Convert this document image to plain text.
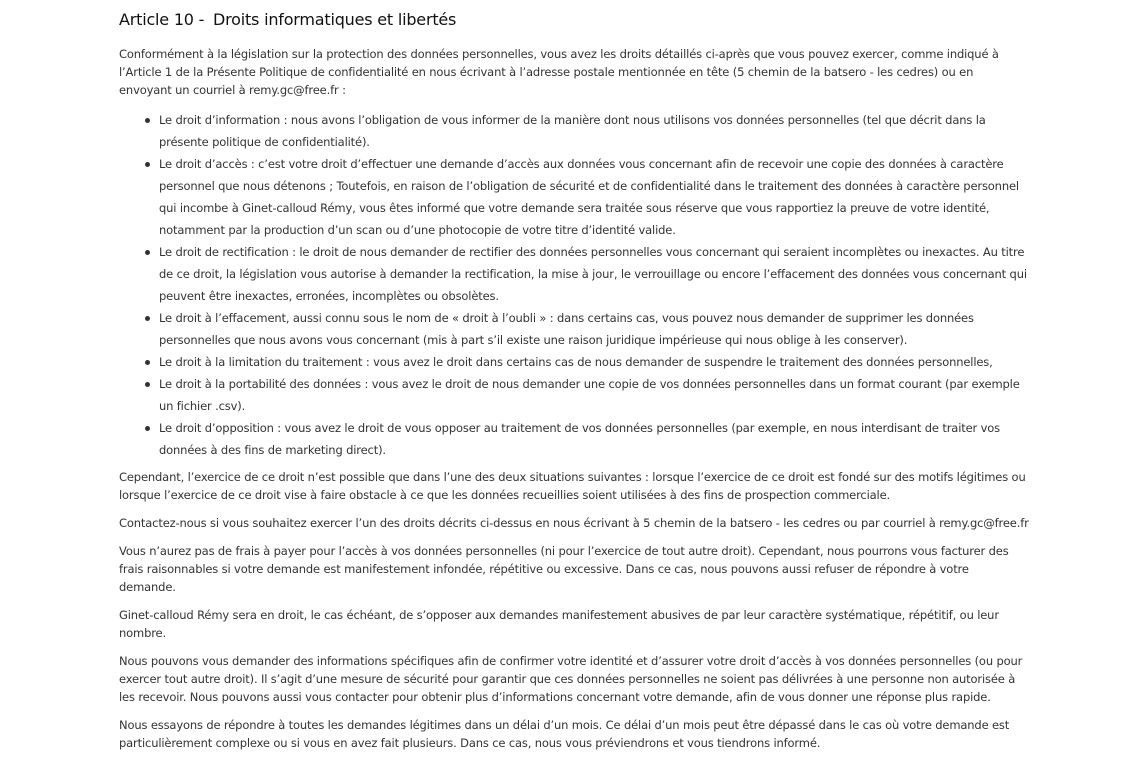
Article 10 - Droits informatiques et libertés

Conformément à la législation sur la protection des données personnelles, vous avez les droits détaillés ci-après que vous pouvez exercer, comme indiqué à l’Article 1 de la Présente Politique de confidentialité en nous écrivant à l’adresse postale mentionnée en tête (5 chemin de la batsero - les cedres) ou en envoyant un courriel à remy.gc@free.fr :

Le droit d’information : nous avons l’obligation de vous informer de la manière dont nous utilisons vos données personnelles (tel que décrit dans la présente politique de confidentialité).
Le droit d’accès : c’est votre droit d’effectuer une demande d’accès aux données vous concernant afin de recevoir une copie des données à caractère personnel que nous détenons ; Toutefois, en raison de l’obligation de sécurité et de confidentialité dans le traitement des données à caractère personnel qui incombe à Ginet-calloud Rémy, vous êtes informé que votre demande sera traitée sous réserve que vous rapportiez la preuve de votre identité, notamment par la production d’un scan ou d’une photocopie de votre titre d’identité valide.
Le droit de rectification : le droit de nous demander de rectifier des données personnelles vous concernant qui seraient incomplètes ou inexactes. Au titre de ce droit, la législation vous autorise à demander la rectification, la mise à jour, le verrouillage ou encore l’effacement des données vous concernant qui peuvent être inexactes, erronées, incomplètes ou obsolètes.
Le droit à l’effacement, aussi connu sous le nom de « droit à l’oubli » : dans certains cas, vous pouvez nous demander de supprimer les données personnelles que nous avons vous concernant (mis à part s’il existe une raison juridique impérieuse qui nous oblige à les conserver).
Le droit à la limitation du traitement : vous avez le droit dans certains cas de nous demander de suspendre le traitement des données personnelles,
Le droit à la portabilité des données : vous avez le droit de nous demander une copie de vos données personnelles dans un format courant (par exemple un fichier .csv).
Le droit d’opposition : vous avez le droit de vous opposer au traitement de vos données personnelles (par exemple, en nous interdisant de traiter vos données à des fins de marketing direct).

Cependant, l’exercice de ce droit n’est possible que dans l’une des deux situations suivantes : lorsque l’exercice de ce droit est fondé sur des motifs légitimes ou lorsque l’exercice de ce droit vise à faire obstacle à ce que les données recueillies soient utilisées à des fins de prospection commerciale.

Contactez-nous si vous souhaitez exercer l’un des droits décrits ci-dessus en nous écrivant à 5 chemin de la batsero - les cedres ou par courriel à remy.gc@free.fr

Vous n’aurez pas de frais à payer pour l’accès à vos données personnelles (ni pour l’exercice de tout autre droit). Cependant, nous pourrons vous facturer des frais raisonnables si votre demande est manifestement infondée, répétitive ou excessive. Dans ce cas, nous pouvons aussi refuser de répondre à votre demande.

Ginet-calloud Rémy sera en droit, le cas échéant, de s’opposer aux demandes manifestement abusives de par leur caractère systématique, répétitif, ou leur nombre.

Nous pouvons vous demander des informations spécifiques afin de confirmer votre identité et d’assurer votre droit d’accès à vos données personnelles (ou pour exercer tout autre droit). Il s’agit d’une mesure de sécurité pour garantir que ces données personnelles ne soient pas délivrées à une personne non autorisée à les recevoir. Nous pouvons aussi vous contacter pour obtenir plus d’informations concernant votre demande, afin de vous donner une réponse plus rapide.

Nous essayons de répondre à toutes les demandes légitimes dans un délai d’un mois. Ce délai d’un mois peut être dépassé dans le cas où votre demande est particulièrement complexe ou si vous en avez fait plusieurs. Dans ce cas, nous vous préviendrons et vous tiendrons informé.
